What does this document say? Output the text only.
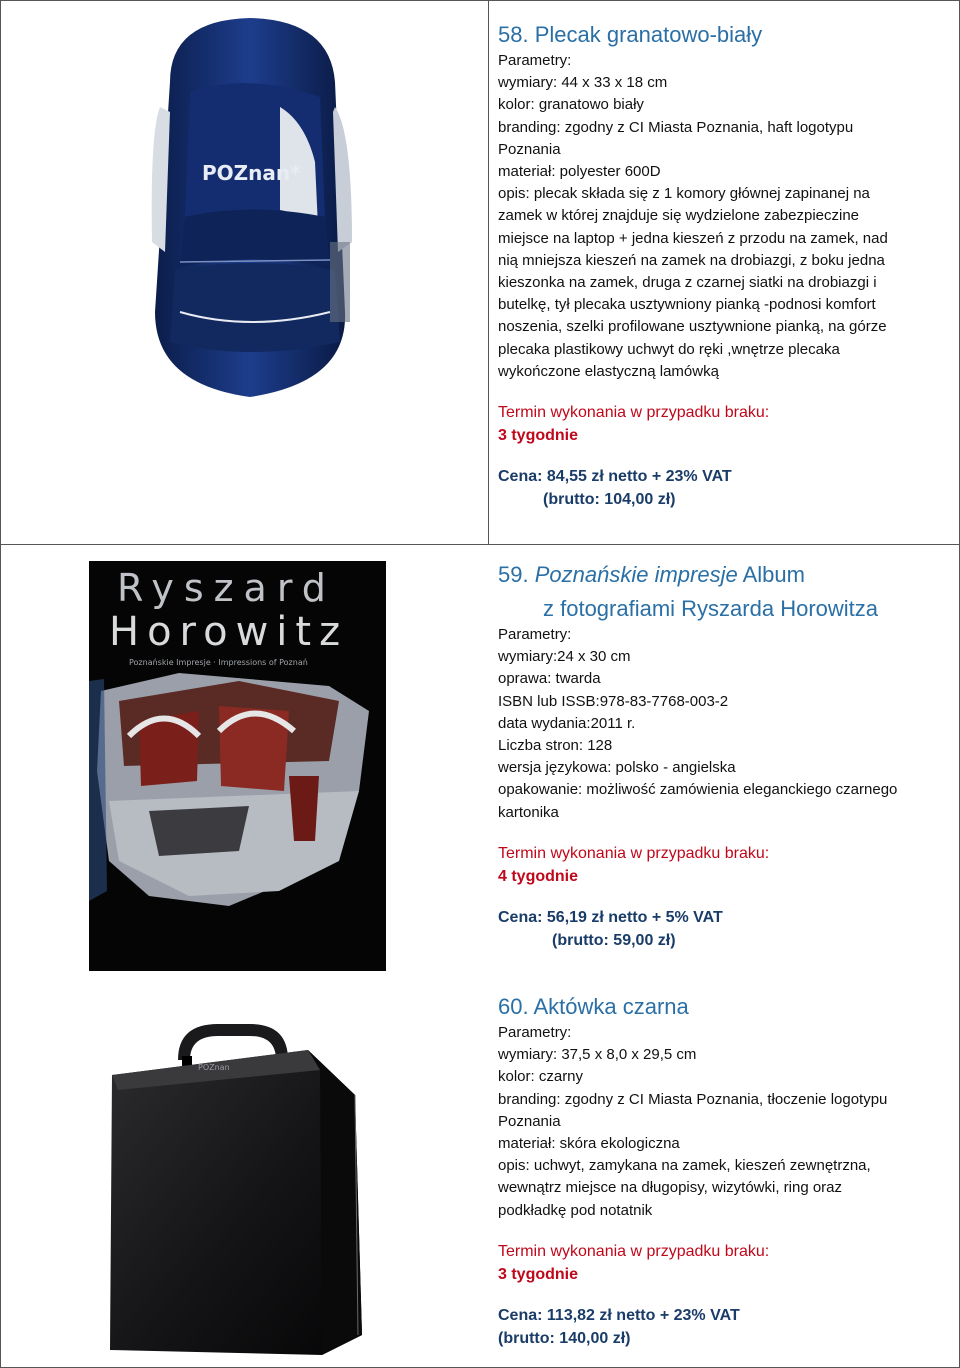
POZnan*
58. Plecak granatowo-biały
Parametry:
wymiary: 44 x 33 x 18 cm
kolor: granatowo biały
branding: zgodny z CI Miasta Poznania, haft logotypu
Poznania
materiał: polyester 600D
opis: plecak składa się z 1 komory głównej zapinanej na
zamek w której znajduje się wydzielone zabezpieczine
miejsce na laptop + jedna kieszeń z przodu na zamek, nad
nią mniejsza kieszeń na zamek na drobiazgi, z boku jedna
kieszonka na zamek, druga z czarnej siatki na drobiazgi i
butelkę, tył plecaka usztywniony pianką -podnosi komfort
noszenia, szelki profilowane usztywnione pianką, na górze
plecaka plastikowy uchwyt do ręki ,wnętrze plecaka
wykończone elastyczną lamówką
Termin wykonania w przypadku braku:
3 tygodnie
Cena: 84,55 zł netto + 23% VAT
(brutto: 104,00 zł)
Ryszard
Horowitz
Poznańskie Impresje · Impressions of Poznań
59. Poznańskie impresje Album
z fotografiami Ryszarda Horowitza
Parametry:
wymiary:24 x 30 cm
oprawa: twarda
ISBN lub ISSB:978-83-7768-003-2
data wydania:2011 r.
Liczba stron: 128
wersja językowa: polsko - angielska
opakowanie: możliwość zamówienia eleganckiego czarnego
kartonika
Termin wykonania w przypadku braku:
4 tygodnie
Cena: 56,19 zł netto + 5% VAT
(brutto: 59,00 zł)
POZnan
60. Aktówka czarna
Parametry:
wymiary: 37,5 x 8,0 x 29,5 cm
kolor: czarny
branding: zgodny z CI Miasta Poznania, tłoczenie logotypu
Poznania
materiał: skóra ekologiczna
opis: uchwyt, zamykana na zamek, kieszeń zewnętrzna,
wewnątrz miejsce na długopisy, wizytówki, ring oraz
podkładkę pod notatnik
Termin wykonania w przypadku braku:
3 tygodnie
Cena: 113,82 zł netto + 23% VAT
(brutto: 140,00 zł)
